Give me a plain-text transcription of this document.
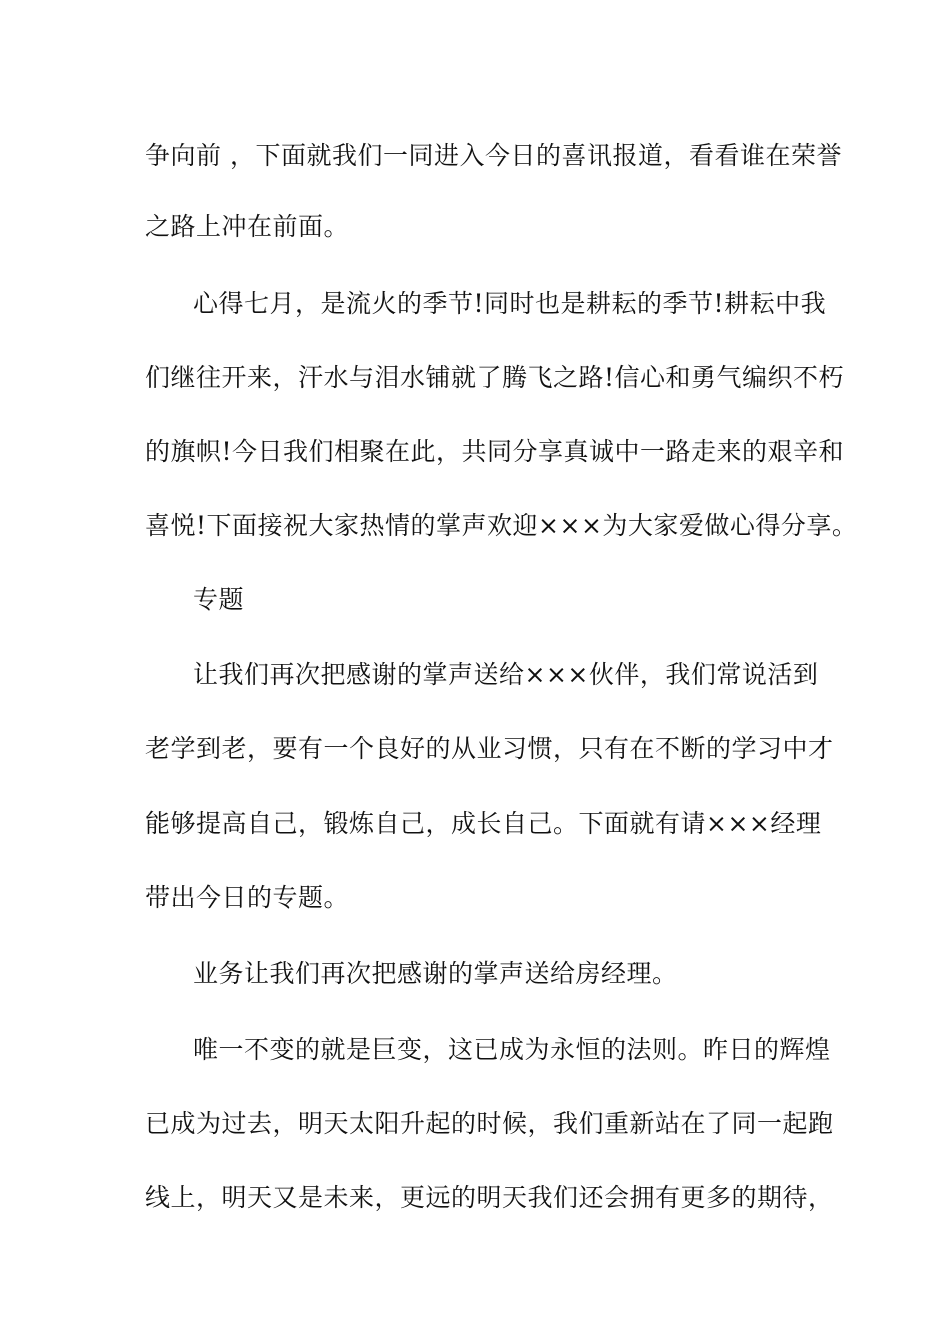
争向前 ，下面就我们一同进入今日的喜讯报道，看看谁在荣誉
之路上冲在前面。
心得七月，是流火的季节!同时也是耕耘的季节!耕耘中我
们继往开来，汗水与泪水铺就了腾飞之路!信心和勇气编织不朽
的旗帜!今日我们相聚在此，共同分享真诚中一路走来的艰辛和
喜悦!下面接祝大家热情的掌声欢迎×××为大家爱做心得分享。
专题
让我们再次把感谢的掌声送给×××伙伴，我们常说活到
老学到老，要有一个良好的从业习惯，只有在不断的学习中才
能够提高自己，锻炼自己，成长自己。下面就有请×××经理
带出今日的专题。
业务让我们再次把感谢的掌声送给房经理。
唯一不变的就是巨变，这已成为永恒的法则。昨日的辉煌
已成为过去，明天太阳升起的时候，我们重新站在了同一起跑
线上，明天又是未来，更远的明天我们还会拥有更多的期待，
